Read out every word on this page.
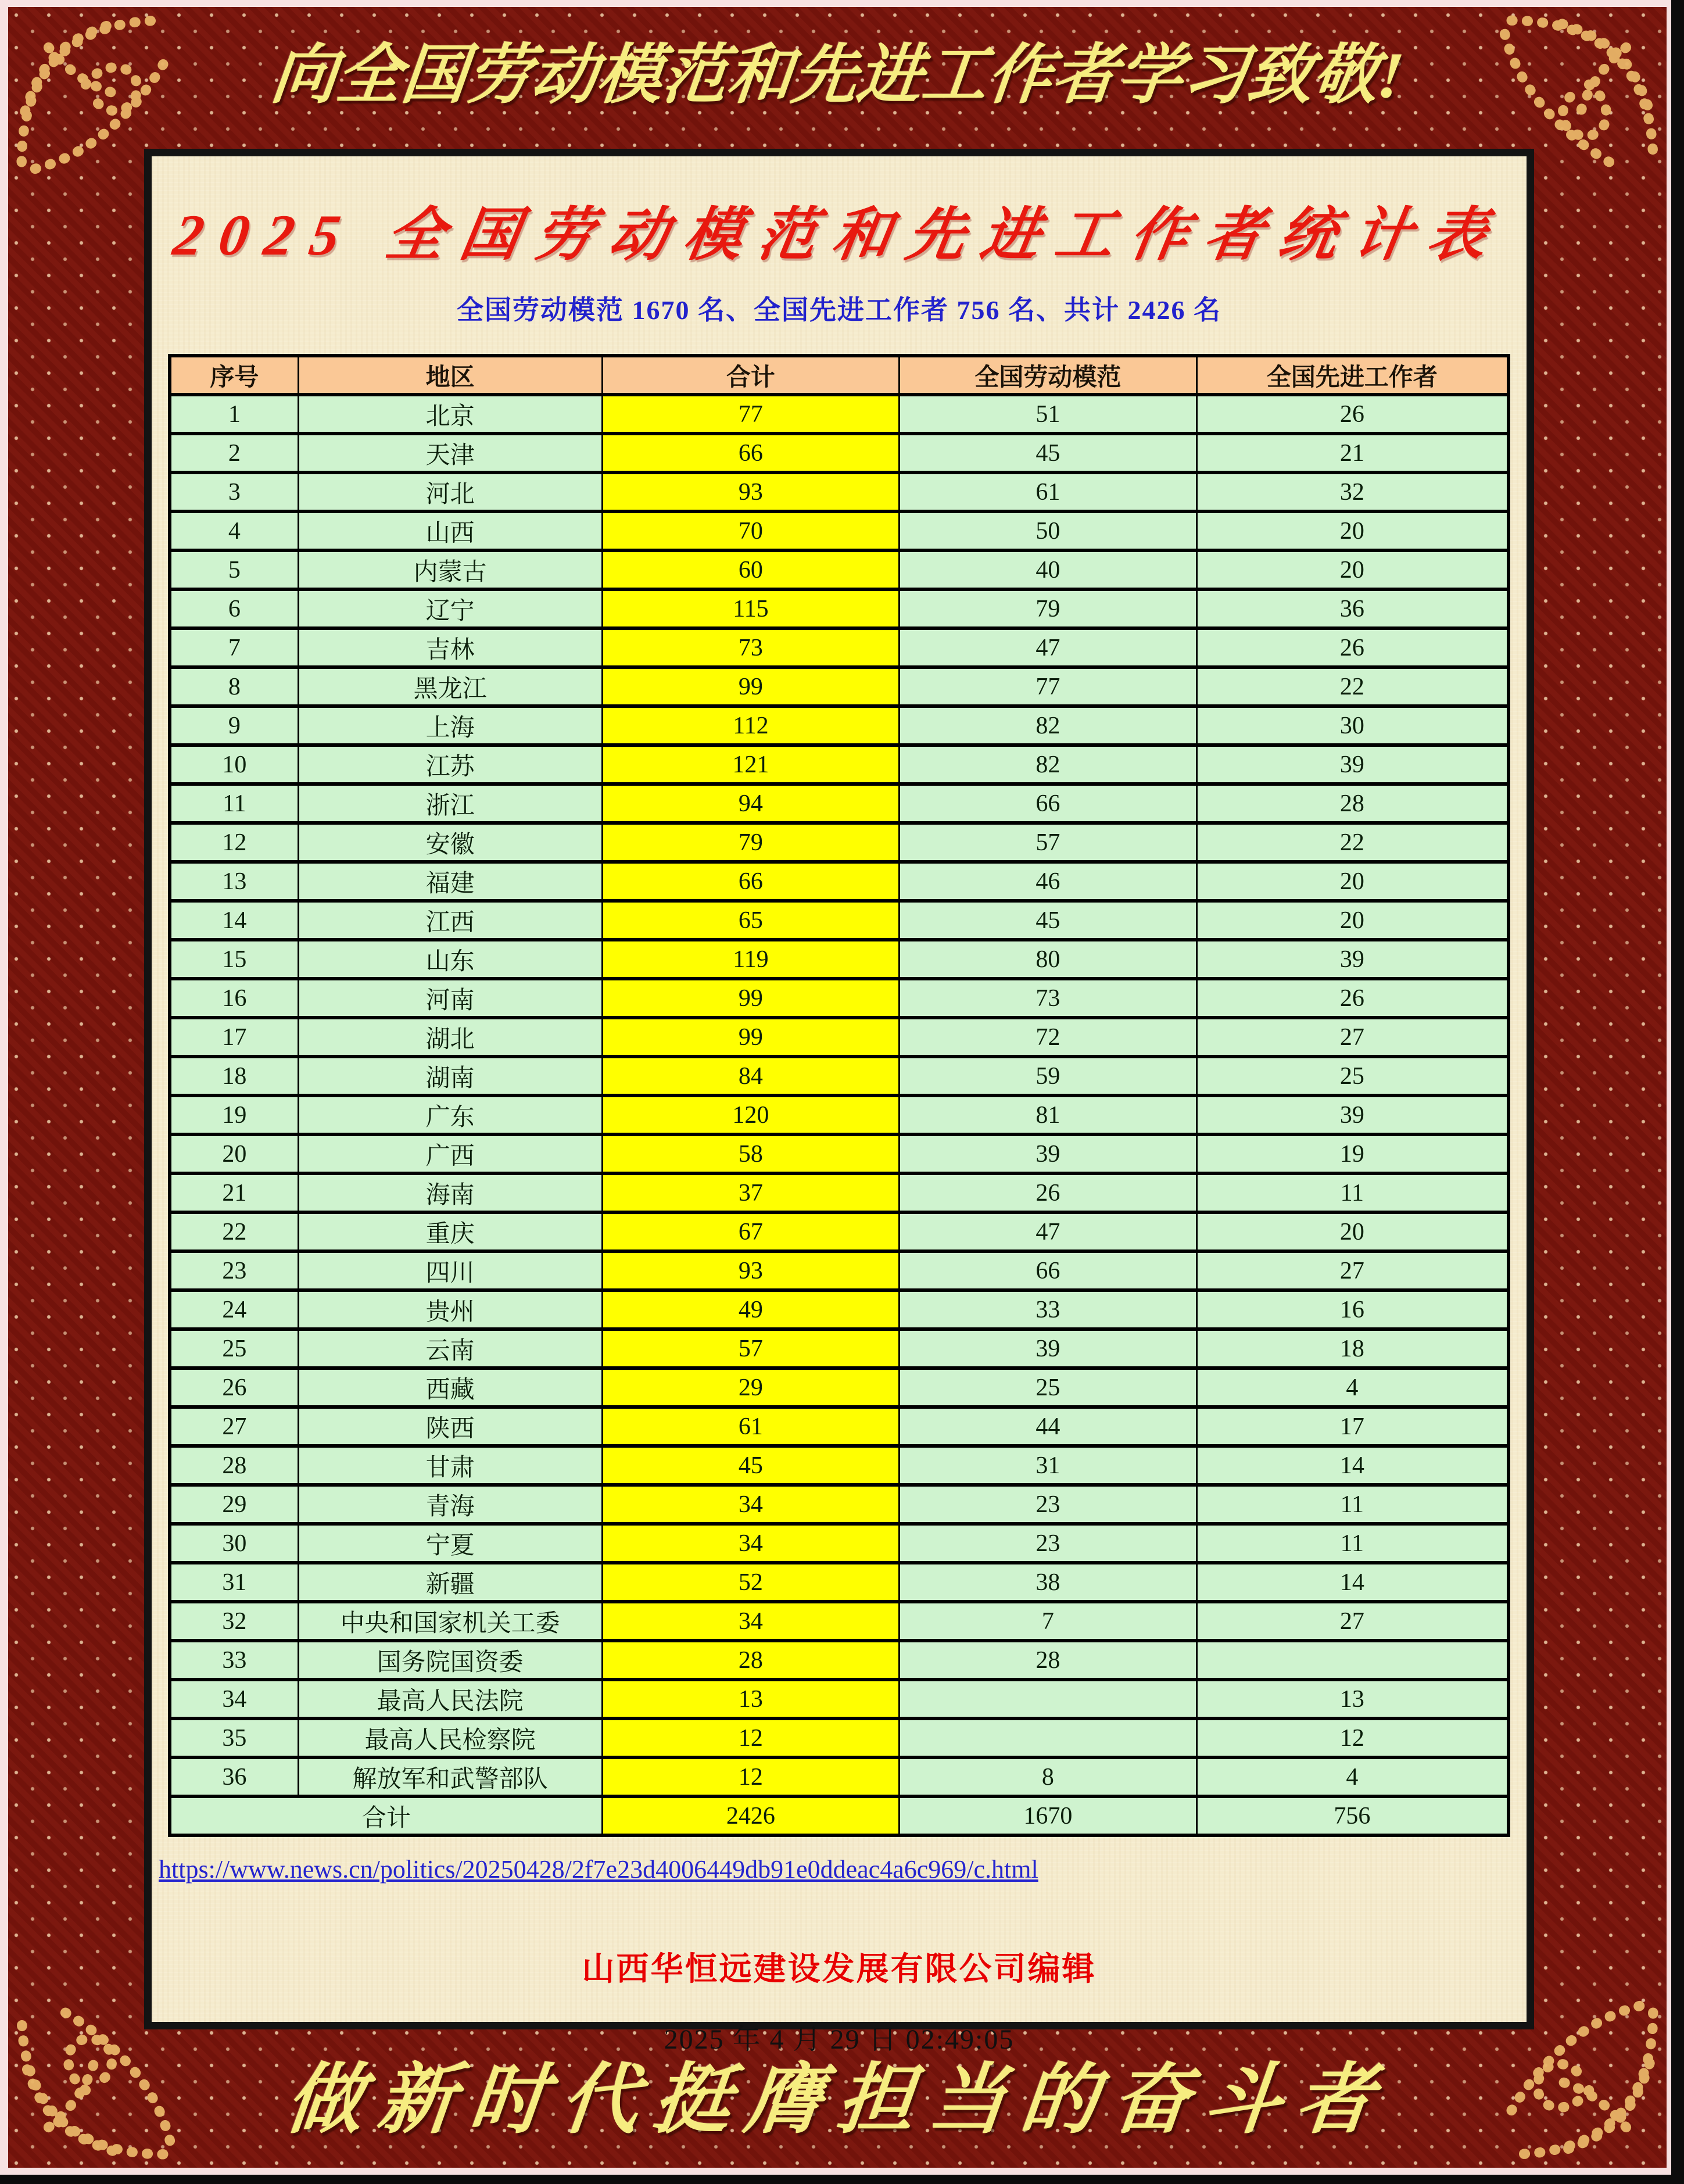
向全国劳动模范和先进工作者学习致敬!
做新时代挺膺担当的奋斗者
2025 全国劳动模范和先进工作者统计表
全国劳动模范 1670 名、全国先进工作者 756 名、共计 2426 名
序号	地区	合计	全国劳动模范	全国先进工作者
1	北京	77	51	26
2	天津	66	45	21
3	河北	93	61	32
4	山西	70	50	20
5	内蒙古	60	40	20
6	辽宁	115	79	36
7	吉林	73	47	26
8	黑龙江	99	77	22
9	上海	112	82	30
10	江苏	121	82	39
11	浙江	94	66	28
12	安徽	79	57	22
13	福建	66	46	20
14	江西	65	45	20
15	山东	119	80	39
16	河南	99	73	26
17	湖北	99	72	27
18	湖南	84	59	25
19	广东	120	81	39
20	广西	58	39	19
21	海南	37	26	11
22	重庆	67	47	20
23	四川	93	66	27
24	贵州	49	33	16
25	云南	57	39	18
26	西藏	29	25	4
27	陕西	61	44	17
28	甘肃	45	31	14
29	青海	34	23	11
30	宁夏	34	23	11
31	新疆	52	38	14
32	中央和国家机关工委	34	7	27
33	国务院国资委	28	28	
34	最高人民法院	13		13
35	最高人民检察院	12		12
36	解放军和武警部队	12	8	4
合计		2426	1670	756
https://www.news.cn/politics/20250428/2f7e23d4006449db91e0ddeac4a6c969/c.html
山西华恒远建设发展有限公司编辑
2025 年 4 月 29 日 02:49:05
